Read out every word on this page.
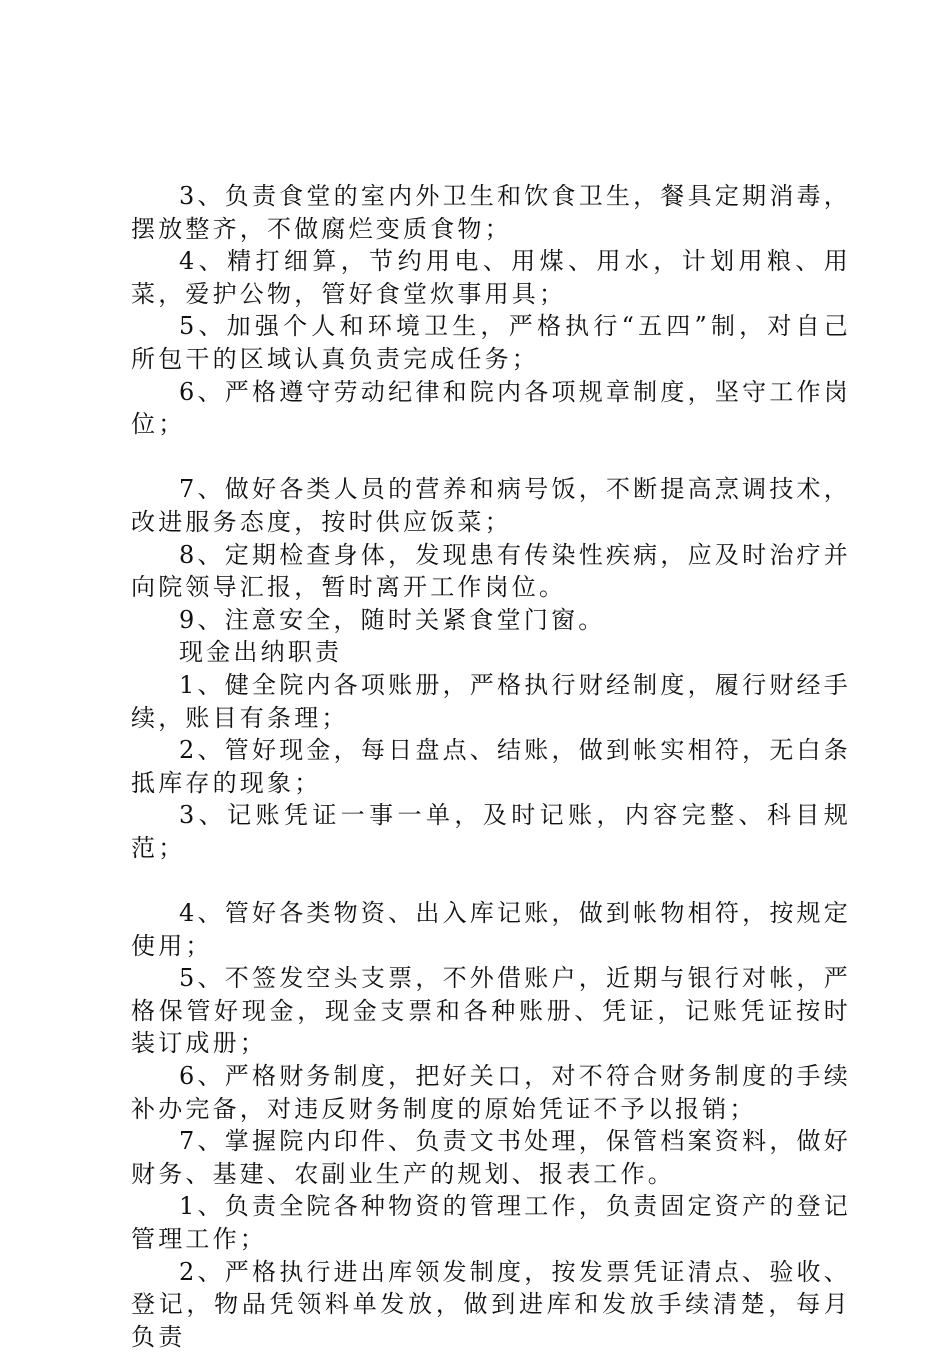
3、负责食堂的室内外卫生和饮食卫生，餐具定期消毒，摆放整齐，不做腐烂变质食物；

4、精打细算，节约用电、用煤、用水，计划用粮、用菜，爱护公物，管好食堂炊事用具；

5、加强个人和环境卫生，严格执行“五四”制，对自己所包干的区域认真负责完成任务；

6、严格遵守劳动纪律和院内各项规章制度，坚守工作岗位；

7、做好各类人员的营养和病号饭，不断提高烹调技术，改进服务态度，按时供应饭菜；

8、定期检查身体，发现患有传染性疾病，应及时治疗并向院领导汇报，暂时离开工作岗位。

9、注意安全，随时关紧食堂门窗。

现金出纳职责

1、健全院内各项账册，严格执行财经制度，履行财经手续，账目有条理；

2、管好现金，每日盘点、结账，做到帐实相符，无白条抵库存的现象；

3、记账凭证一事一单，及时记账，内容完整、科目规范；

4、管好各类物资、出入库记账，做到帐物相符，按规定使用；

5、不签发空头支票，不外借账户，近期与银行对帐，严格保管好现金，现金支票和各种账册、凭证，记账凭证按时装订成册；

6、严格财务制度，把好关口，对不符合财务制度的手续补办完备，对违反财务制度的原始凭证不予以报销；

7、掌握院内印件、负责文书处理，保管档案资料，做好财务、基建、农副业生产的规划、报表工作。

1、负责全院各种物资的管理工作，负责固定资产的登记管理工作；

2、严格执行进出库领发制度，按发票凭证清点、验收、登记，物品凭领料单发放，做到进库和发放手续清楚，每月负责
